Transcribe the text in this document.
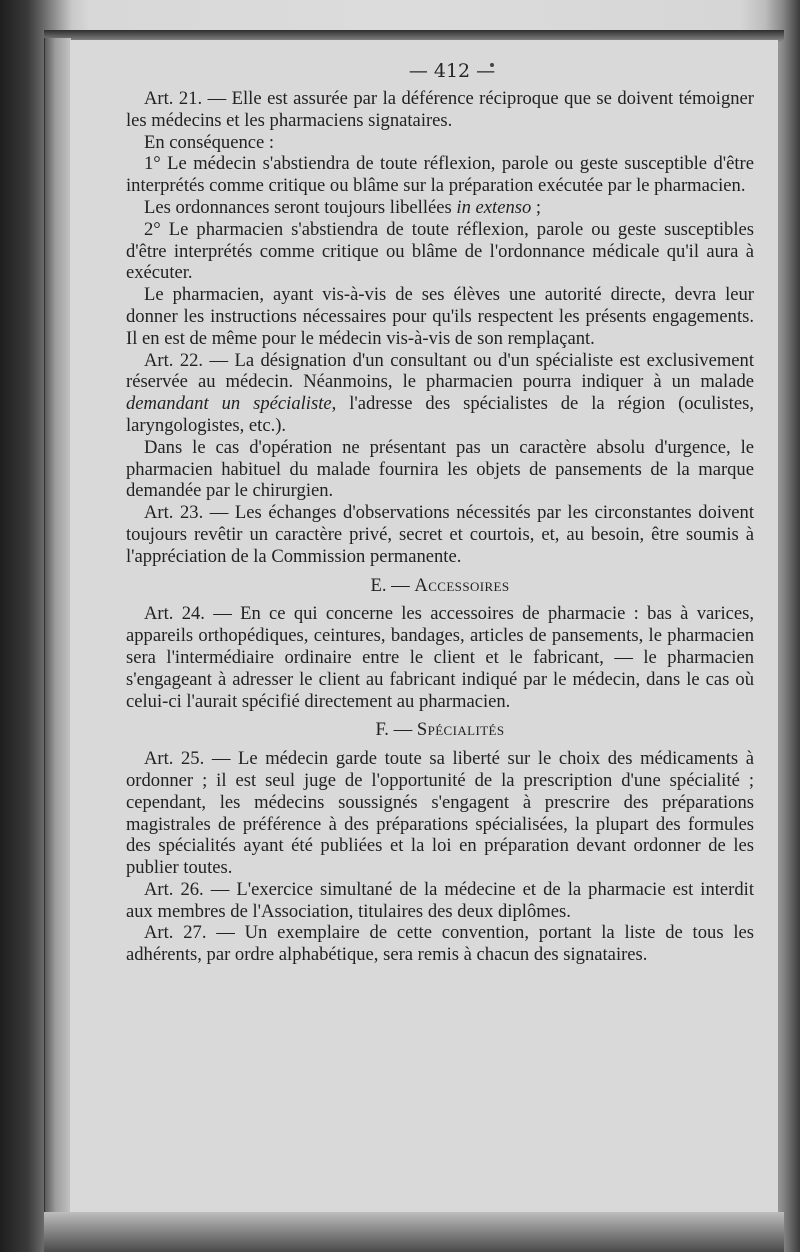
— 412 —

Art. 21. — Elle est assurée par la déférence réciproque que se doivent témoigner les médecins et les pharmaciens signataires.

En conséquence :

1° Le médecin s'abstiendra de toute réflexion, parole ou geste susceptible d'être interprétés comme critique ou blâme sur la préparation exécutée par le pharmacien.

Les ordonnances seront toujours libellées in extenso ;

2° Le pharmacien s'abstiendra de toute réflexion, parole ou geste susceptibles d'être interprétés comme critique ou blâme de l'ordonnance médicale qu'il aura à exécuter.

Le pharmacien, ayant vis-à-vis de ses élèves une autorité directe, devra leur donner les instructions nécessaires pour qu'ils respectent les présents engagements. Il en est de même pour le médecin vis-à-vis de son remplaçant.

Art. 22. — La désignation d'un consultant ou d'un spécialiste est exclusivement réservée au médecin. Néanmoins, le pharmacien pourra indiquer à un malade demandant un spécialiste, l'adresse des spécialistes de la région (oculistes, laryngologistes, etc.).

Dans le cas d'opération ne présentant pas un caractère absolu d'urgence, le pharmacien habituel du malade fournira les objets de pansements de la marque demandée par le chirurgien.

Art. 23. — Les échanges d'observations nécessités par les circonstantes doivent toujours revêtir un caractère privé, secret et courtois, et, au besoin, être soumis à l'appréciation de la Commission permanente.

E. — Accessoires

Art. 24. — En ce qui concerne les accessoires de pharmacie : bas à varices, appareils orthopédiques, ceintures, bandages, articles de pansements, le pharmacien sera l'intermédiaire ordinaire entre le client et le fabricant, — le pharmacien s'engageant à adresser le client au fabricant indiqué par le médecin, dans le cas où celui-ci l'aurait spécifié directement au pharmacien.

F. — Spécialités

Art. 25. — Le médecin garde toute sa liberté sur le choix des médicaments à ordonner ; il est seul juge de l'opportunité de la prescription d'une spécialité ; cependant, les médecins soussignés s'engagent à prescrire des préparations magistrales de préférence à des préparations spécialisées, la plupart des formules des spécialités ayant été publiées et la loi en préparation devant ordonner de les publier toutes.

Art. 26. — L'exercice simultané de la médecine et de la pharmacie est interdit aux membres de l'Association, titulaires des deux diplômes.

Art. 27. — Un exemplaire de cette convention, portant la liste de tous les adhérents, par ordre alphabétique, sera remis à chacun des signataires.
